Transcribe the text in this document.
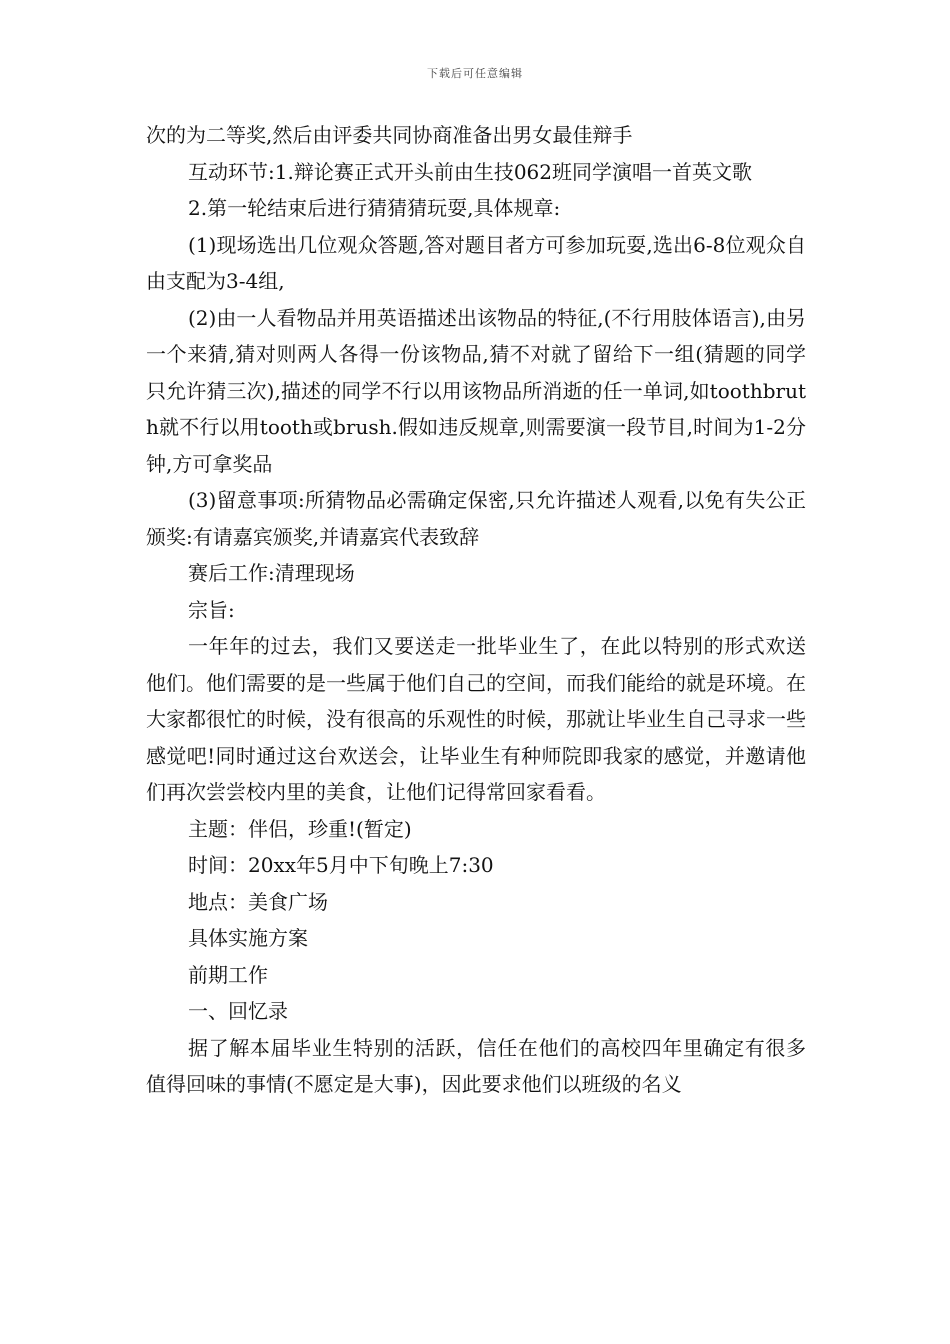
下载后可任意编辑

次的为二等奖,然后由评委共同协商准备出男女最佳辩手

互动环节:1.辩论赛正式开头前由生技062班同学演唱一首英文歌

2.第一轮结束后进行猜猜猜玩耍,具体规章:

(1)现场选出几位观众答题,答对题目者方可参加玩耍,选出6-8位观众自由支配为3-4组,

(2)由一人看物品并用英语描述出该物品的特征,(不行用肢体语言),由另一个来猜,猜对则两人各得一份该物品,猜不对就了留给下一组(猜题的同学只允许猜三次),描述的同学不行以用该物品所消逝的任一单词,如toothbruth就不行以用tooth或brush.假如违反规章,则需要演一段节目,时间为1-2分钟,方可拿奖品

(3)留意事项:所猜物品必需确定保密,只允许描述人观看,以免有失公正颁奖:有请嘉宾颁奖,并请嘉宾代表致辞

赛后工作:清理现场

宗旨:

一年年的过去，我们又要送走一批毕业生了，在此以特别的形式欢送他们。他们需要的是一些属于他们自己的空间，而我们能给的就是环境。在大家都很忙的时候，没有很高的乐观性的时候，那就让毕业生自己寻求一些感觉吧!同时通过这台欢送会，让毕业生有种师院即我家的感觉，并邀请他们再次尝尝校内里的美食，让他们记得常回家看看。

主题：伴侣，珍重!(暂定)

时间：20xx年5月中下旬晚上7:30

地点：美食广场

具体实施方案

前期工作

一、回忆录

据了解本届毕业生特别的活跃，信任在他们的高校四年里确定有很多值得回味的事情(不愿定是大事)，因此要求他们以班级的名义
